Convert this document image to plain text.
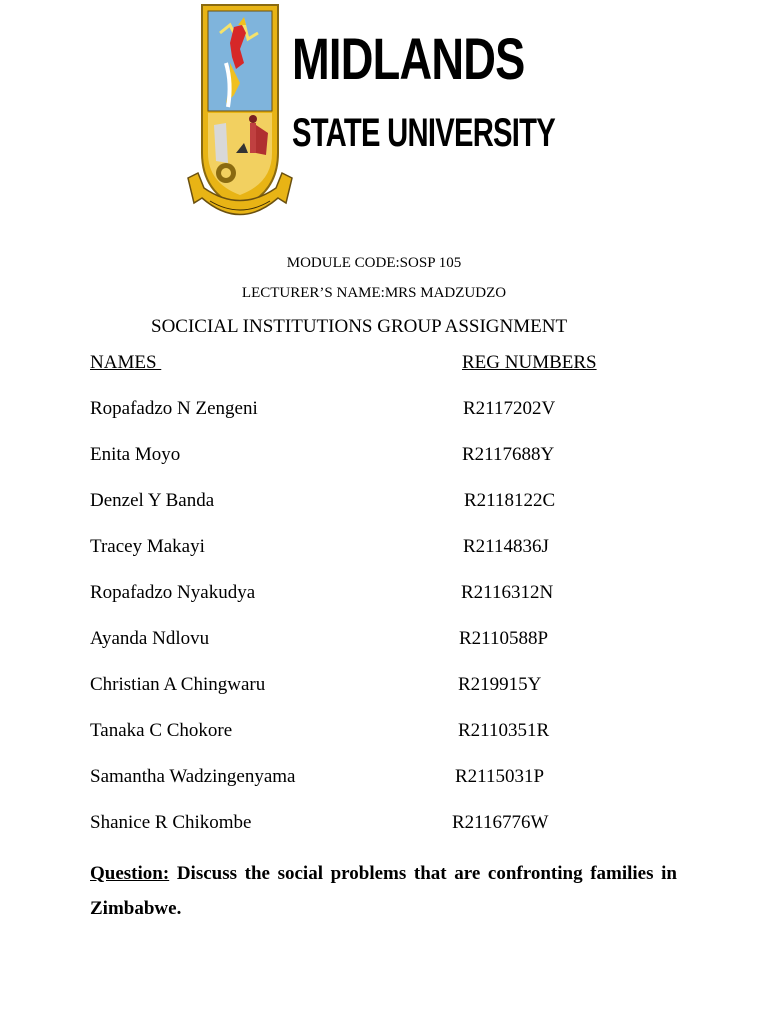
MIDLANDS
STATE UNIVERSITY
MODULE CODE:SOSP 105
LECTURER’S NAME:MRS MADZUDZO
SOCICIAL INSTITUTIONS GROUP ASSIGNMENT
NAMES	REG NUMBERS
Ropafadzo N Zengeni	R2117202V
Enita Moyo	R2117688Y
Denzel Y Banda	R2118122C
Tracey Makayi	R2114836J
Ropafadzo Nyakudya	R2116312N
Ayanda Ndlovu	R2110588P
Christian A Chingwaru	R219915Y
Tanaka C Chokore	R2110351R
Samantha Wadzingenyama	R2115031P
Shanice R Chikombe	R2116776W
Question: Discuss the social problems that are confronting families in Zimbabwe.
